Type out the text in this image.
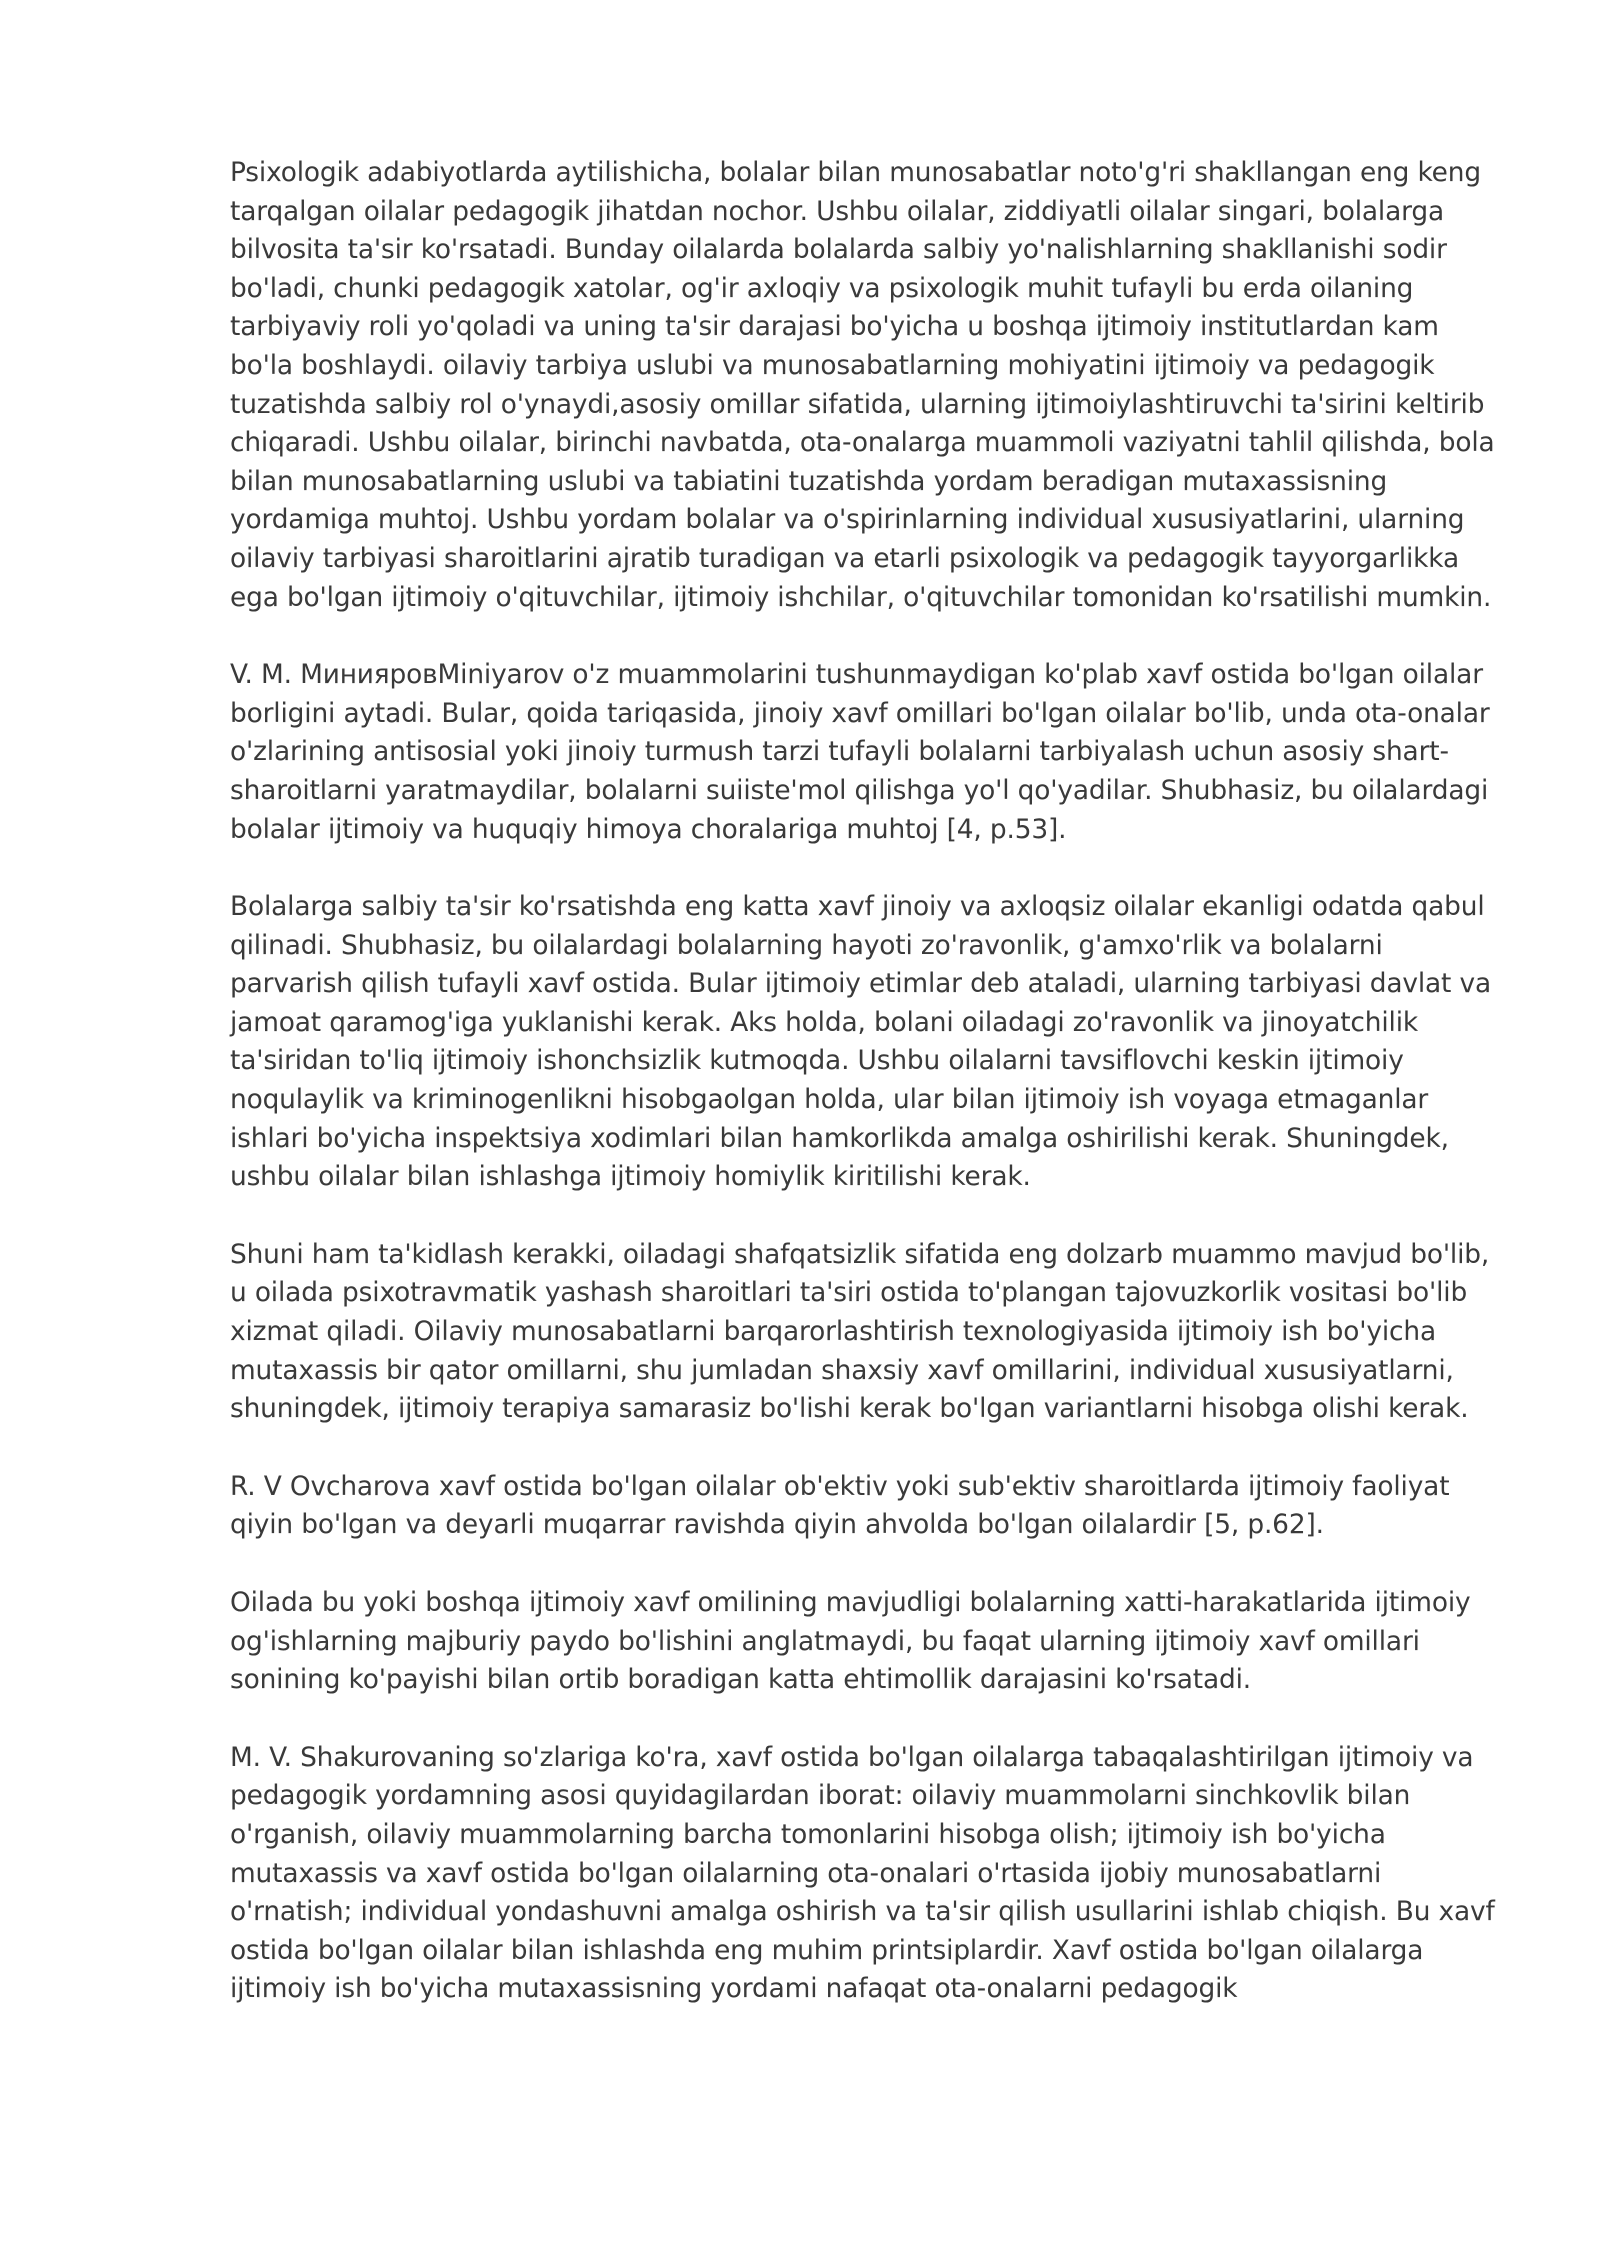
Psixologik adabiyotlarda aytilishicha, bolalar bilan munosabatlar noto'g'ri shakllangan eng keng tarqalgan oilalar pedagogik jihatdan nochor. Ushbu oilalar, ziddiyatli oilalar singari, bolalarga bilvosita ta'sir ko'rsatadi. Bunday oilalarda bolalarda salbiy yo'nalishlarning shakllanishi sodir bo'ladi, chunki pedagogik xatolar, og'ir axloqiy va psixologik muhit tufayli bu erda oilaning tarbiyaviy roli yo'qoladi va uning ta'sir darajasi bo'yicha u boshqa ijtimoiy institutlardan kam bo'la boshlaydi. oilaviy tarbiya uslubi va munosabatlarning mohiyatini ijtimoiy va pedagogik tuzatishda salbiy rol o'ynaydi,asosiy omillar sifatida, ularning ijtimoiylashtiruvchi ta'sirini keltirib chiqaradi. Ushbu oilalar, birinchi navbatda, ota-onalarga muammoli vaziyatni tahlil qilishda, bola bilan munosabatlarning uslubi va tabiatini tuzatishda yordam beradigan mutaxassisning yordamiga muhtoj. Ushbu yordam bolalar va o'spirinlarning individual xususiyatlarini, ularning oilaviy tarbiyasi sharoitlarini ajratib turadigan va etarli psixologik va pedagogik tayyorgarlikka ega bo'lgan ijtimoiy o'qituvchilar, ijtimoiy ishchilar, o'qituvchilar tomonidan ko'rsatilishi mumkin.

V. M. МинияровMiniyarov o'z muammolarini tushunmaydigan ko'plab xavf ostida bo'lgan oilalar borligini aytadi. Bular, qoida tariqasida, jinoiy xavf omillari bo'lgan oilalar bo'lib, unda ota-onalar o'zlarining antisosial yoki jinoiy turmush tarzi tufayli bolalarni tarbiyalash uchun asosiy shart-sharoitlarni yaratmaydilar, bolalarni suiiste'mol qilishga yo'l qo'yadilar. Shubhasiz, bu oilalardagi bolalar ijtimoiy va huquqiy himoya choralariga muhtoj [4, p.53].

Bolalarga salbiy ta'sir ko'rsatishda eng katta xavf jinoiy va axloqsiz oilalar ekanligi odatda qabul qilinadi. Shubhasiz, bu oilalardagi bolalarning hayoti zo'ravonlik, g'amxo'rlik va bolalarni parvarish qilish tufayli xavf ostida. Bular ijtimoiy etimlar deb ataladi, ularning tarbiyasi davlat va jamoat qaramog'iga yuklanishi kerak. Aks holda, bolani oiladagi zo'ravonlik va jinoyatchilik ta'siridan to'liq ijtimoiy ishonchsizlik kutmoqda. Ushbu oilalarni tavsiflovchi keskin ijtimoiy noqulaylik va kriminogenlikni hisobgaolgan holda, ular bilan ijtimoiy ish voyaga etmaganlar ishlari bo'yicha inspektsiya xodimlari bilan hamkorlikda amalga oshirilishi kerak. Shuningdek, ushbu oilalar bilan ishlashga ijtimoiy homiylik kiritilishi kerak.

Shuni ham ta'kidlash kerakki, oiladagi shafqatsizlik sifatida eng dolzarb muammo mavjud bo'lib, u oilada psixotravmatik yashash sharoitlari ta'siri ostida to'plangan tajovuzkorlik vositasi bo'lib xizmat qiladi. Oilaviy munosabatlarni barqarorlashtirish texnologiyasida ijtimoiy ish bo'yicha mutaxassis bir qator omillarni, shu jumladan shaxsiy xavf omillarini, individual xususiyatlarni, shuningdek, ijtimoiy terapiya samarasiz bo'lishi kerak bo'lgan variantlarni hisobga olishi kerak.

R. V Ovcharova xavf ostida bo'lgan oilalar ob'ektiv yoki sub'ektiv sharoitlarda ijtimoiy faoliyat qiyin bo'lgan va deyarli muqarrar ravishda qiyin ahvolda bo'lgan oilalardir [5, p.62].

Oilada bu yoki boshqa ijtimoiy xavf omilining mavjudligi bolalarning xatti-harakatlarida ijtimoiy og'ishlarning majburiy paydo bo'lishini anglatmaydi, bu faqat ularning ijtimoiy xavf omillari sonining ko'payishi bilan ortib boradigan katta ehtimollik darajasini ko'rsatadi.

M. V. Shakurovaning so'zlariga ko'ra, xavf ostida bo'lgan oilalarga tabaqalashtirilgan ijtimoiy va pedagogik yordamning asosi quyidagilardan iborat: oilaviy muammolarni sinchkovlik bilan o'rganish, oilaviy muammolarning barcha tomonlarini hisobga olish; ijtimoiy ish bo'yicha mutaxassis va xavf ostida bo'lgan oilalarning ota-onalari o'rtasida ijobiy munosabatlarni o'rnatish; individual yondashuvni amalga oshirish va ta'sir qilish usullarini ishlab chiqish. Bu xavf ostida bo'lgan oilalar bilan ishlashda eng muhim printsiplardir. Xavf ostida bo'lgan oilalarga ijtimoiy ish bo'yicha mutaxassisning yordami nafaqat ota-onalarni pedagogik
